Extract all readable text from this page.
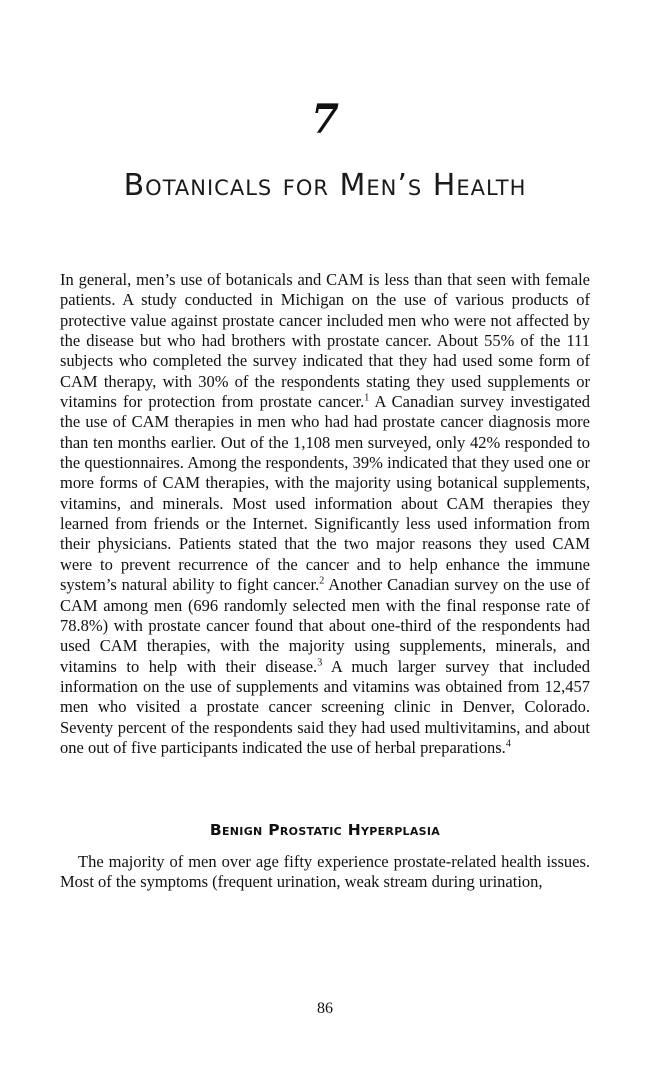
7
Botanicals for Men’s Health

In general, men’s use of botanicals and CAM is less than that seen with female patients. A study conducted in Michigan on the use of various products of protective value against prostate cancer included men who were not affected by the disease but who had brothers with prostate cancer. About 55% of the 111 subjects who completed the survey indicated that they had used some form of CAM therapy, with 30% of the respondents stating they used supplements or vitamins for protection from prostate cancer.$^1$ A Canadian survey investigated the use of CAM therapies in men who had had prostate cancer diagnosis more than ten months earlier. Out of the 1,108 men surveyed, only 42% responded to the questionnaires. Among the respondents, 39% indicated that they used one or more forms of CAM therapies, with the majority using botanical supplements, vitamins, and minerals. Most used information about CAM therapies they learned from friends or the Internet. Significantly less used information from their physicians. Patients stated that the two major reasons they used CAM were to prevent recurrence of the cancer and to help enhance the immune system’s natural ability to fight cancer.$^2$ Another Canadian survey on the use of CAM among men (696 randomly selected men with the final response rate of 78.8%) with prostate cancer found that about one-third of the respondents had used CAM therapies, with the majority using supplements, minerals, and vitamins to help with their disease.$^3$ A much larger survey that included information on the use of supplements and vitamins was obtained from 12,457 men who visited a prostate cancer screening clinic in Denver, Colorado. Seventy percent of the respondents said they had used multivitamins, and about one out of five participants indicated the use of herbal preparations.$^4$

Benign Prostatic Hyperplasia

The majority of men over age fifty experience prostate-related health issues. Most of the symptoms (frequent urination, weak stream during urination,

86
